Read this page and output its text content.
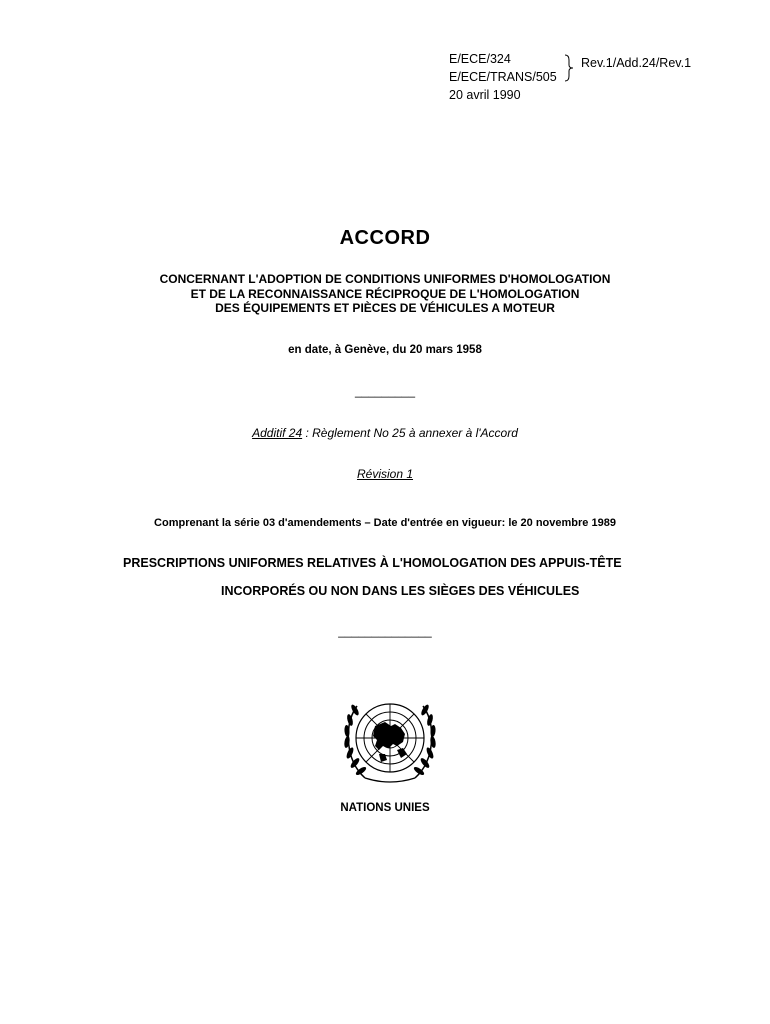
E/ECE/324
E/ECE/TRANS/505
20 avril 1990
Rev.1/Add.24/Rev.1
ACCORD
CONCERNANT L'ADOPTION DE CONDITIONS UNIFORMES D'HOMOLOGATION
ET DE LA RECONNAISSANCE RÉCIPROQUE DE L'HOMOLOGATION
DES ÉQUIPEMENTS ET PIÈCES DE VÉHICULES A MOTEUR
en date, à Genève, du 20 mars 1958
_________
Additif 24 : Règlement No 25 à annexer à l'Accord
Révision 1
Comprenant la série 03 d'amendements – Date d'entrée en vigueur: le 20 novembre 1989
PRESCRIPTIONS UNIFORMES RELATIVES À L'HOMOLOGATION DES APPUIS-TÊTE
INCORPORÉS OU NON DANS LES SIÈGES DES VÉHICULES
______________
NATIONS UNIES
